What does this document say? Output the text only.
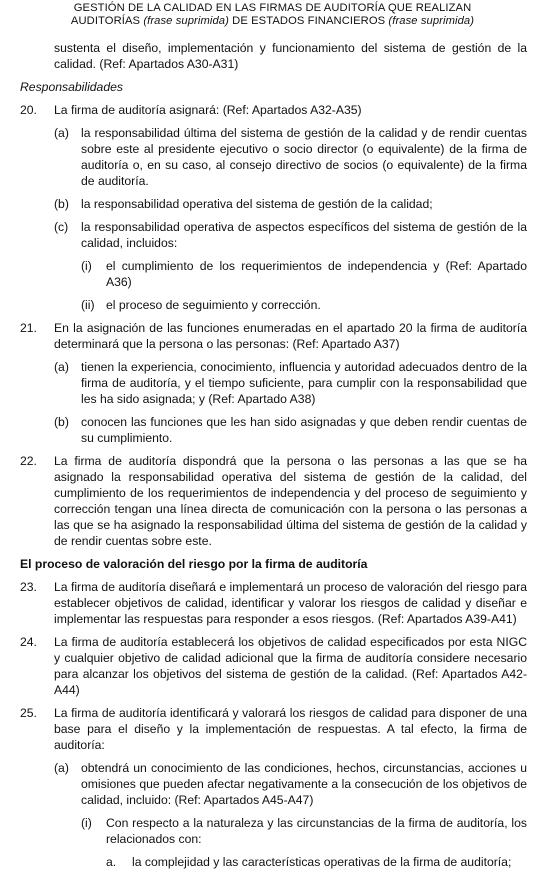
GESTIÓN DE LA CALIDAD EN LAS FIRMAS DE AUDITORÍA QUE REALIZAN
AUDITORÍAS (frase suprimida) DE ESTADOS FINANCIEROS (frase suprimida)

sustenta el diseño, implementación y funcionamiento del sistema de gestión de la calidad. (Ref: Apartados A30-A31)

Responsabilidades

20.	La firma de auditoría asignará: (Ref: Apartados A32-A35)
(a) la responsabilidad última del sistema de gestión de la calidad y de rendir cuentas sobre este al presidente ejecutivo o socio director (o equivalente) de la firma de auditoría o, en su caso, al consejo directivo de socios (o equivalente) de la firma de auditoría.
(b) la responsabilidad operativa del sistema de gestión de la calidad;
(c)	la responsabilidad operativa de aspectos específicos del sistema de gestión de la calidad, incluidos:
(i)	el cumplimiento de los requerimientos de independencia y (Ref: Apartado A36)
(ii) el proceso de seguimiento y corrección.
21.	En la asignación de las funciones enumeradas en el apartado 20 la firma de auditoría determinará que la persona o las personas: (Ref: Apartado A37)
(a) tienen la experiencia, conocimiento, influencia y autoridad adecuados dentro de la firma de auditoría, y el tiempo suficiente, para cumplir con la responsabilidad que les ha sido asignada; y (Ref: Apartado A38)
(b) conocen las funciones que les han sido asignadas y que deben rendir cuentas de su cumplimiento.
22.	La firma de auditoría dispondrá que la persona o las personas a las que se ha asignado la responsabilidad operativa del sistema de gestión de la calidad, del cumplimiento de los requerimientos de independencia y del proceso de seguimiento y corrección tengan una línea directa de comunicación con la persona o las personas a las que se ha asignado la responsabilidad última del sistema de gestión de la calidad y de rendir cuentas sobre este.

El proceso de valoración del riesgo por la firma de auditoría

23.	La firma de auditoría diseñará e implementará un proceso de valoración del riesgo para establecer objetivos de calidad, identificar y valorar los riesgos de calidad y diseñar e implementar las respuestas para responder a esos riesgos. (Ref: Apartados A39-A41)
24.	La firma de auditoría establecerá los objetivos de calidad especificados por esta NIGC y cualquier objetivo de calidad adicional que la firma de auditoría considere necesario para alcanzar los objetivos del sistema de gestión de la calidad. (Ref: Apartados A42-A44)
25.	La firma de auditoría identificará y valorará los riesgos de calidad para disponer de una base para el diseño y la implementación de respuestas. A tal efecto, la firma de auditoría:
(a) obtendrá un conocimiento de las condiciones, hechos, circunstancias, acciones u omisiones que pueden afectar negativamente a la consecución de los objetivos de calidad, incluido: (Ref: Apartados A45-A47)
(i)	Con respecto a la naturaleza y las circunstancias de la firma de auditoría, los relacionados con:
a.	la complejidad y las características operativas de la firma de auditoría;
